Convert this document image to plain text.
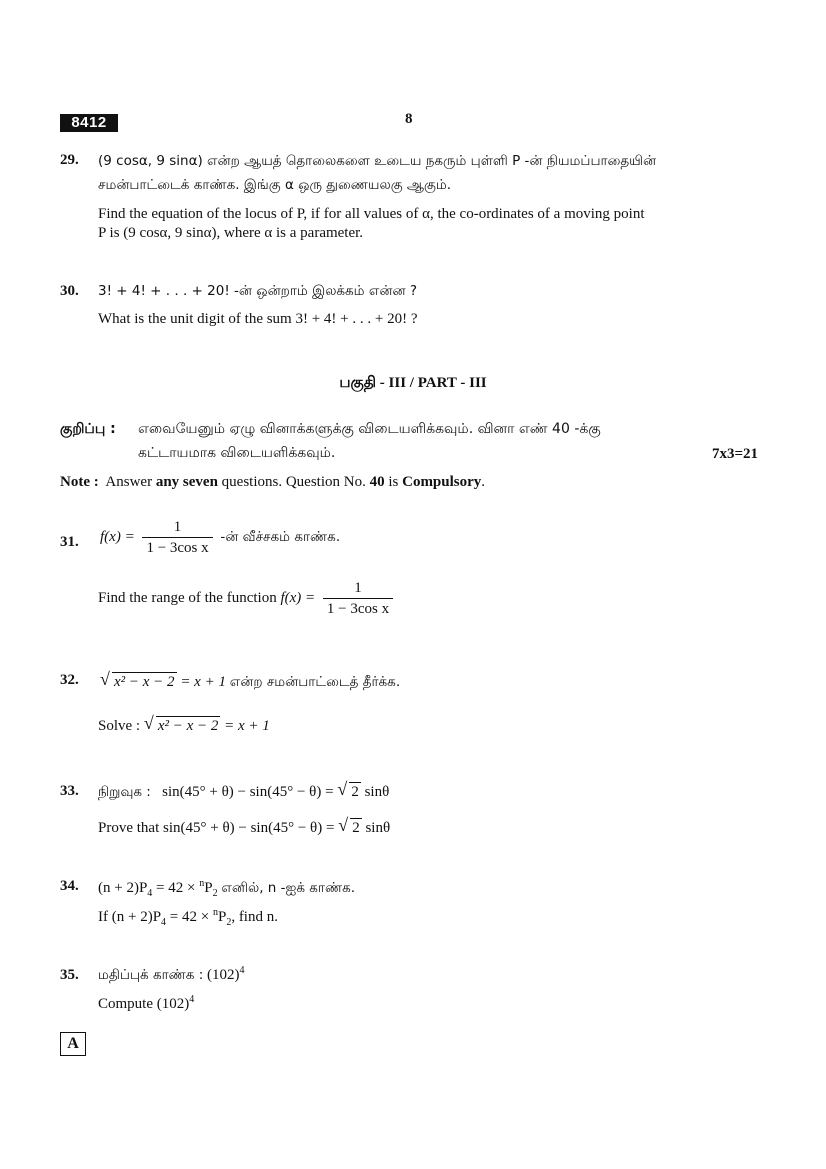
8412	8
29. (9 cosα, 9 sinα) என்ற ஆயத் தொலைகளை உடைய நகரும் புள்ளி P -ன் நியமப்பாதையின்
சமன்பாட்டைக் காண்க. இங்கு α ஒரு துணையலகு ஆகும்.
Find the equation of the locus of P, if for all values of α, the co-ordinates of a moving point
P is (9 cosα, 9 sinα), where α is a parameter.
30. 3! + 4! + . . . + 20! -ன் ஒன்றாம் இலக்கம் என்ன ?
What is the unit digit of the sum 3! + 4! + . . . + 20! ?
பகுதி - III / PART - III
குறிப்பு : எவையேனும் ஏழு வினாக்களுக்கு விடையளிக்கவும். வினா எண் 40 -க்கு
கட்டாயமாக விடையளிக்கவும்.	7x3=21
Note : Answer any seven questions. Question No. 40 is Compulsory.
31. $f(x) = \frac{1}{\text{1 − 3cos x}}$ -ன் வீச்சகம் காண்க.
Find the range of the function $f(x) = \frac{1}{\text{1 − 3cos x}}$
32. √ x² − x − 2 = x + 1 என்ற சமன்பாட்டைத் தீர்க்க.
Solve : √ x² − x − 2 = x + 1
33. நிறுவுக : sin(45° + θ) − sin(45° − θ) = √ 2 sinθ
Prove that sin(45° + θ) − sin(45° − θ) = √ 2 sinθ
34. $(n + 2)P_4 = 42 \times ^nP_2$ எனில், n -ஐக் காண்க.
If $(n + 2)P_4 = 42 \times ^nP_2$, find n.
35. மதிப்புக் காண்க : $(102)^4$
Compute $(102)^4$
A
